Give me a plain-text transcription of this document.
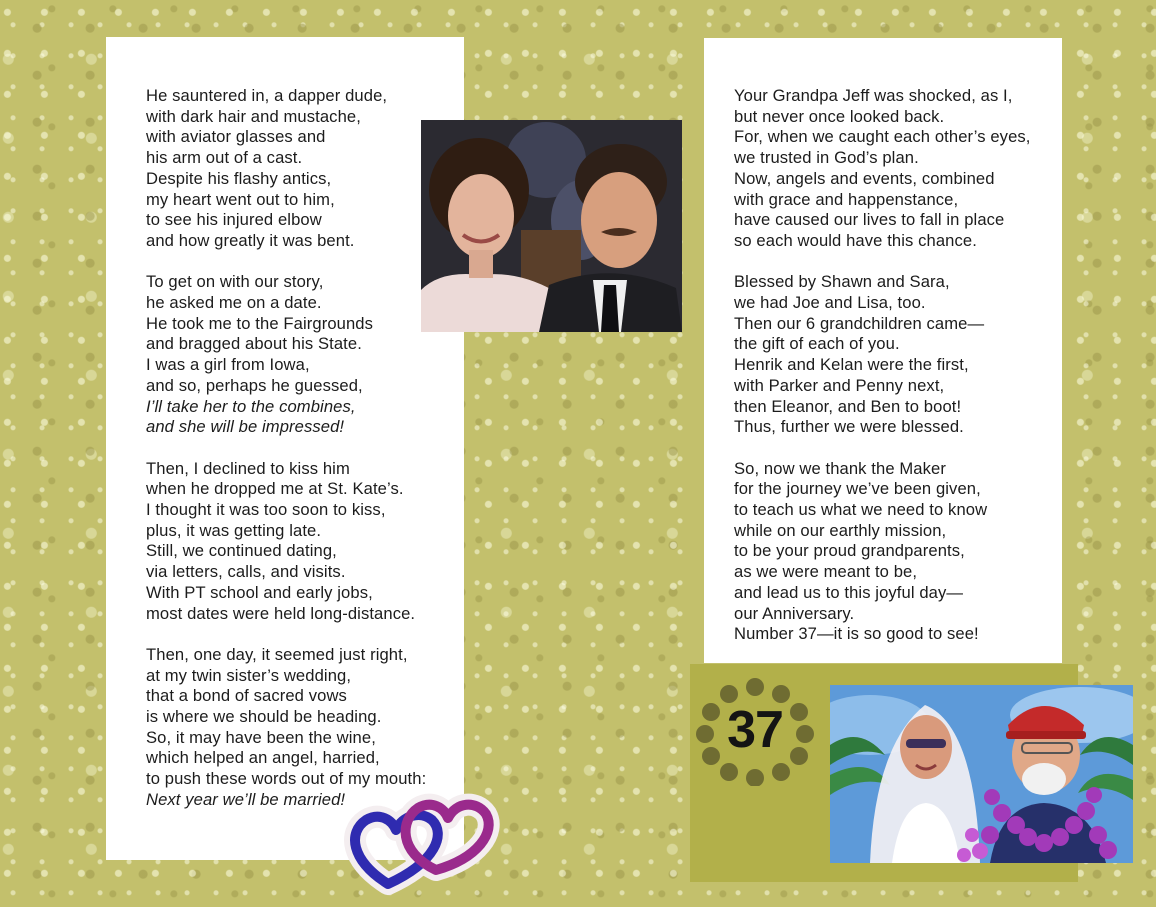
He sauntered in, a dapper dude,
with dark hair and mustache,
with aviator glasses and
his arm out of a cast.
Despite his flashy antics,
my heart went out to him,
to see his injured elbow
and how greatly it was bent.
To get on with our story,
he asked me on a date.
He took me to the Fairgrounds
and bragged about his State.
I was a girl from Iowa,
and so, perhaps he guessed,
I’ll take her to the combines,
and she will be impressed!
Then, I declined to kiss him
when he dropped me at St. Kate’s.
I thought it was too soon to kiss,
plus, it was getting late.
Still, we continued dating,
via letters, calls, and visits.
With PT school and early jobs,
most dates were held long-distance.
Then, one day, it seemed just right,
at my twin sister’s wedding,
that a bond of sacred vows
is where we should be heading.
So, it may have been the wine,
which helped an angel, harried,
to push these words out of my mouth:
Next year we’ll be married!
Your Grandpa Jeff was shocked, as I,
but never once looked back.
For, when we caught each other’s eyes,
we trusted in God’s plan.
Now, angels and events, combined
with grace and happenstance,
have caused our lives to fall in place
so each would have this chance.
Blessed by Shawn and Sara,
we had Joe and Lisa, too.
Then our 6 grandchildren came—
the gift of each of you.
Henrik and Kelan were the first,
with Parker and Penny next,
then Eleanor, and Ben to boot!
Thus, further we were blessed.
So, now we thank the Maker
for the journey we’ve been given,
to teach us what we need to know
while on our earthly mission,
to be your proud grandparents,
as we were meant to be,
and lead us to this joyful day—
our Anniversary.
Number 37—it is so good to see!
37
